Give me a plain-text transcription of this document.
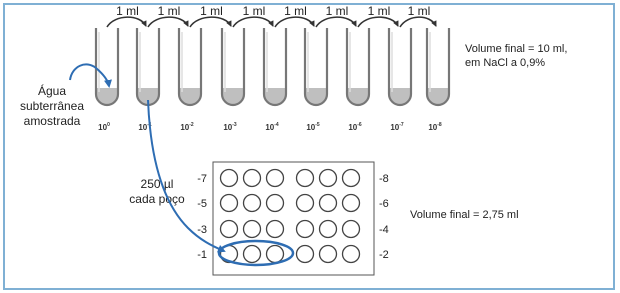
1 ml 1 ml 1 ml 1 ml 1 ml 1 ml 1 ml 1 ml
$10^0$	$10^{-1}$	$10^{-2}$	$10^{-3}$	$10^{-4}$	$10^{-5}$	$10^{-6}$	$10^{-7}$	$10^{-8}$
Água
subterrânea
amostrada
Volume final = 10 ml,
em NaCl a 0,9%
250 µl
cada poço
-7	-8
-5	-6
-3	-4
-1	-2
Volume final = 2,75 ml
